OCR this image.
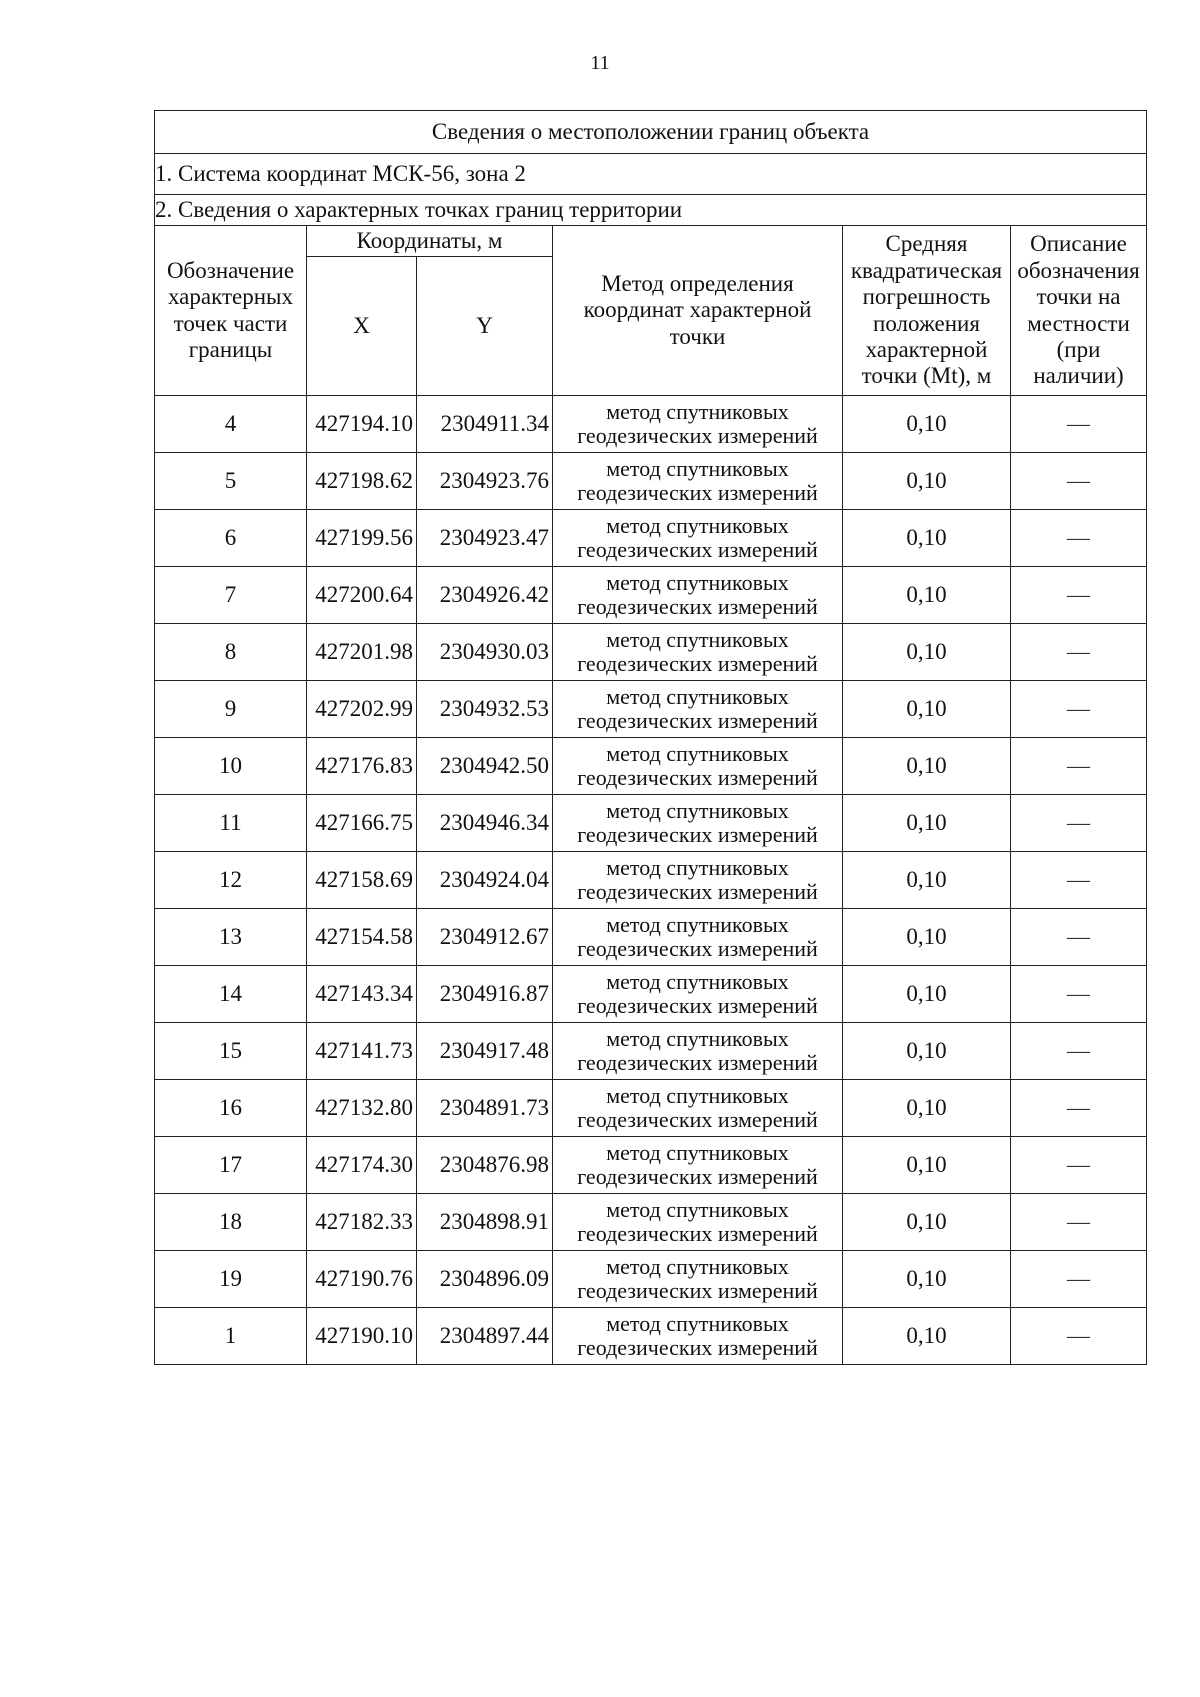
11
Сведения о местоположении границ объекта					
1. Система координат МСК-56, зона 2					
2. Сведения о характерных точках границ территории					
Обозначение характерных точек части границы	Координаты, м		Метод определения координат характерной точки	Средняя квадратическая погрешность положения характерной точки (Mt), м	Описание обозначения точки на местности (при наличии)
	X	Y			
4	427194.10	2304911.34	метод спутниковых геодезических измерений	0,10	—
5	427198.62	2304923.76	метод спутниковых геодезических измерений	0,10	—
6	427199.56	2304923.47	метод спутниковых геодезических измерений	0,10	—
7	427200.64	2304926.42	метод спутниковых геодезических измерений	0,10	—
8	427201.98	2304930.03	метод спутниковых геодезических измерений	0,10	—
9	427202.99	2304932.53	метод спутниковых геодезических измерений	0,10	—
10	427176.83	2304942.50	метод спутниковых геодезических измерений	0,10	—
11	427166.75	2304946.34	метод спутниковых геодезических измерений	0,10	—
12	427158.69	2304924.04	метод спутниковых геодезических измерений	0,10	—
13	427154.58	2304912.67	метод спутниковых геодезических измерений	0,10	—
14	427143.34	2304916.87	метод спутниковых геодезических измерений	0,10	—
15	427141.73	2304917.48	метод спутниковых геодезических измерений	0,10	—
16	427132.80	2304891.73	метод спутниковых геодезических измерений	0,10	—
17	427174.30	2304876.98	метод спутниковых геодезических измерений	0,10	—
18	427182.33	2304898.91	метод спутниковых геодезических измерений	0,10	—
19	427190.76	2304896.09	метод спутниковых геодезических измерений	0,10	—
1	427190.10	2304897.44	метод спутниковых геодезических измерений	0,10	—
